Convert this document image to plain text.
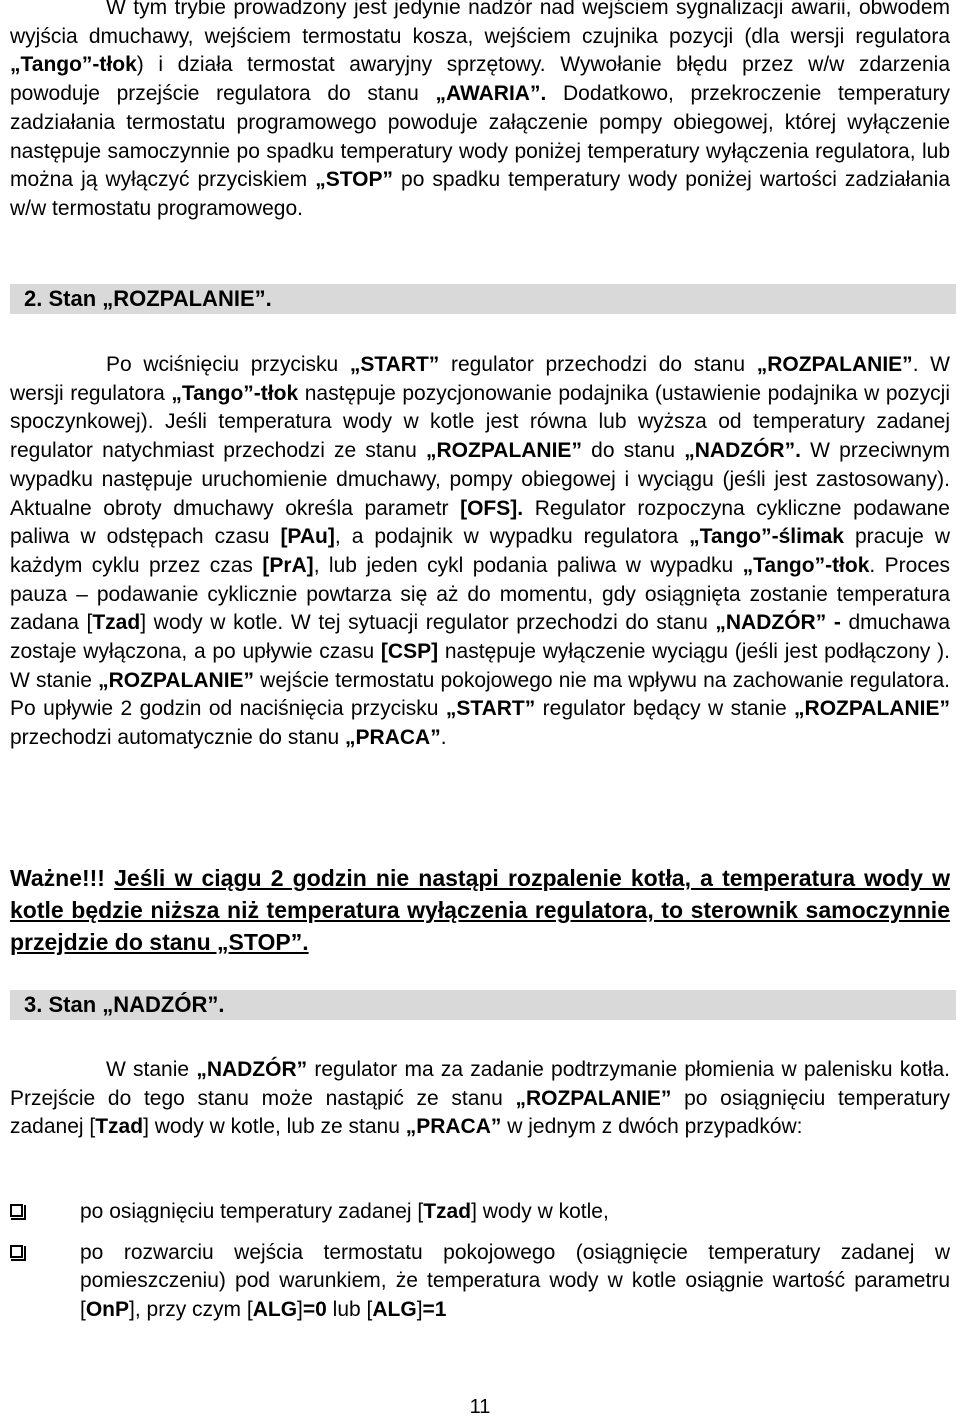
W tym trybie prowadzony jest jedynie nadzór nad wejściem sygnalizacji awarii, obwodem wyjścia dmuchawy, wejściem termostatu kosza, wejściem czujnika pozycji (dla wersji regulatora „Tango”-tłok) i działa termostat awaryjny sprzętowy. Wywołanie błędu przez w/w zdarzenia powoduje przejście regulatora do stanu „AWARIA”. Dodatkowo, przekroczenie temperatury zadziałania termostatu programowego powoduje załączenie pompy obiegowej, której wyłączenie następuje samoczynnie po spadku temperatury wody poniżej temperatury wyłączenia regulatora, lub można ją wyłączyć przyciskiem „STOP” po spadku temperatury wody poniżej wartości zadziałania w/w termostatu programowego.

2. Stan „ROZPALANIE”.

Po wciśnięciu przycisku „START” regulator przechodzi do stanu „ROZPALANIE”. W wersji regulatora „Tango”-tłok następuje pozycjonowanie podajnika (ustawienie podajnika w pozycji spoczynkowej). Jeśli temperatura wody w kotle jest równa lub wyższa od temperatury zadanej regulator natychmiast przechodzi ze stanu „ROZPALANIE” do stanu „NADZÓR”. W przeciwnym wypadku następuje uruchomienie dmuchawy, pompy obiegowej i wyciągu (jeśli jest zastosowany). Aktualne obroty dmuchawy określa parametr [OFS]. Regulator rozpoczyna cykliczne podawane paliwa w odstępach czasu [PAu], a podajnik w wypadku regulatora „Tango”-ślimak pracuje w każdym cyklu przez czas [PrA], lub jeden cykl podania paliwa w wypadku „Tango”-tłok. Proces pauza – podawanie cyklicznie powtarza się aż do momentu, gdy osiągnięta zostanie temperatura zadana [Tzad] wody w kotle. W tej sytuacji regulator przechodzi do stanu „NADZÓR” - dmuchawa zostaje wyłączona, a po upływie czasu [CSP] następuje wyłączenie wyciągu (jeśli jest podłączony ). W stanie „ROZPALANIE” wejście termostatu pokojowego nie ma wpływu na zachowanie regulatora. Po upływie 2 godzin od naciśnięcia przycisku „START” regulator będący w stanie „ROZPALANIE” przechodzi automatycznie do stanu „PRACA”.

Ważne!!! Jeśli w ciągu 2 godzin nie nastąpi rozpalenie kotła, a temperatura wody w kotle będzie niższa niż temperatura wyłączenia regulatora, to sterownik samoczynnie przejdzie do stanu „STOP”.

3. Stan „NADZÓR”.

W stanie „NADZÓR” regulator ma za zadanie podtrzymanie płomienia w palenisku kotła. Przejście do tego stanu może nastąpić ze stanu „ROZPALANIE” po osiągnięciu temperatury zadanej [Tzad] wody w kotle, lub ze stanu „PRACA” w jednym z dwóch przypadków:

po osiągnięciu temperatury zadanej [Tzad] wody w kotle,

po rozwarciu wejścia termostatu pokojowego (osiągnięcie temperatury zadanej w pomieszczeniu) pod warunkiem, że temperatura wody w kotle osiągnie wartość parametru [OnP], przy czym [ALG]=0 lub [ALG]=1

11
